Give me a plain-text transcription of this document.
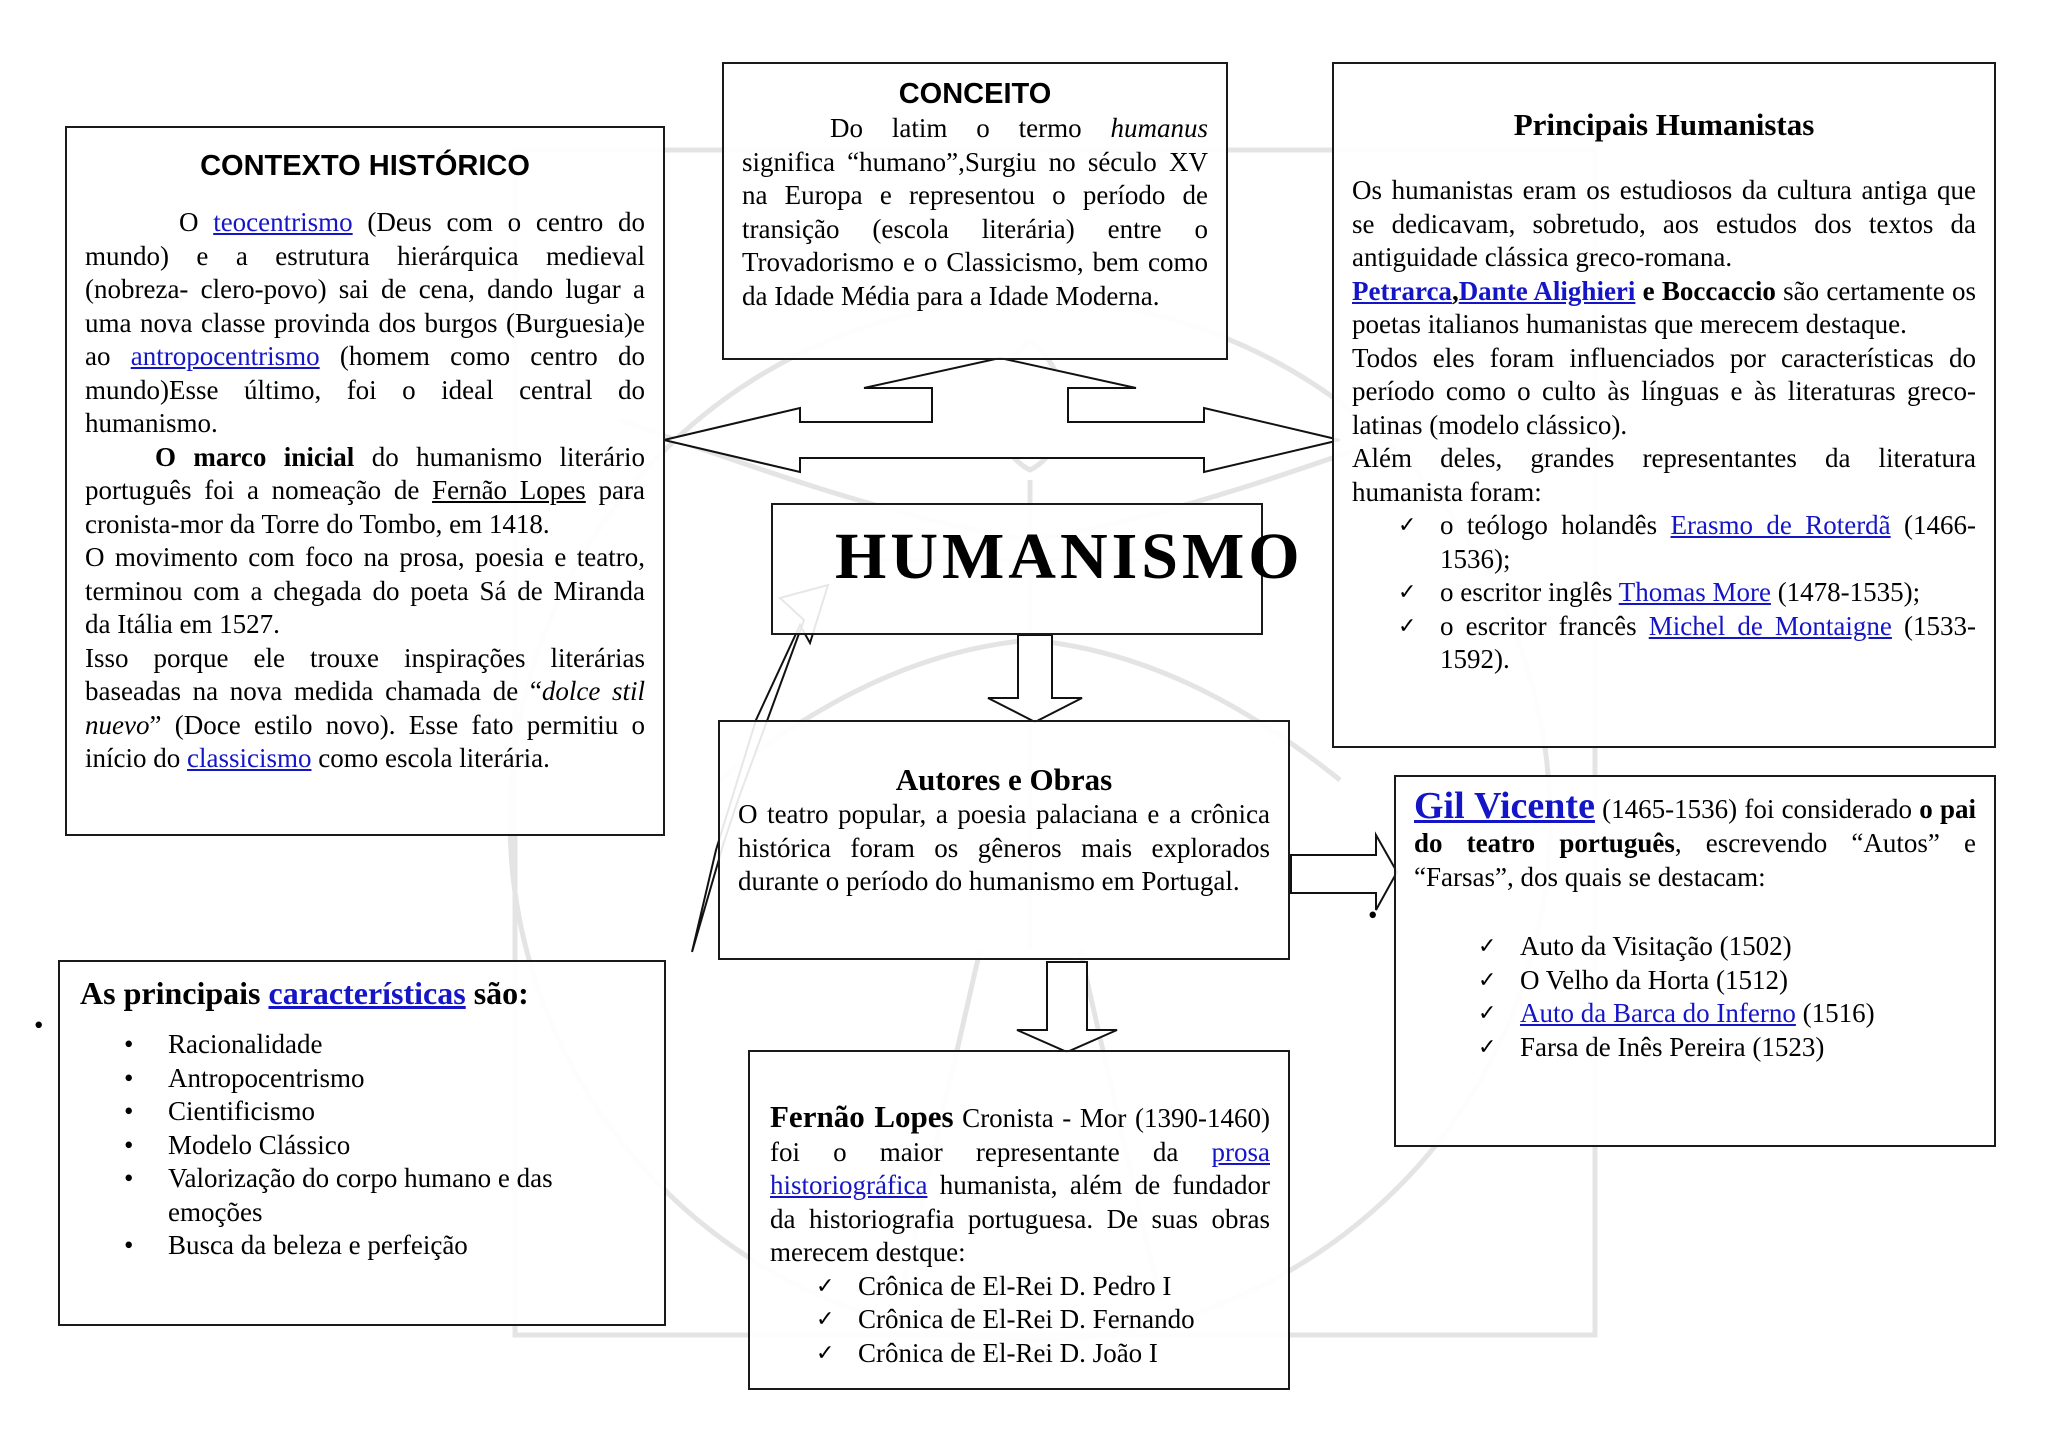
CONCEITO

Do latim o termo humanus significa “humano”,Surgiu no século XV na Europa e representou o período de transição (escola literária) entre o Trovadorismo e o Classicismo, bem como da Idade Média para a Idade Moderna.

CONTEXTO HISTÓRICO

O teocentrismo (Deus com o centro do mundo) e a estrutura hierárquica medieval (nobreza- clero-povo) sai de cena, dando lugar a uma nova classe provinda dos burgos (Burguesia)e ao antropocentrismo (homem como centro do mundo)Esse último, foi o ideal central do humanismo.

O marco inicial do humanismo literário português foi a nomeação de Fernão Lopes para cronista-mor da Torre do Tombo, em 1418.

O movimento com foco na prosa, poesia e teatro, terminou com a chegada do poeta Sá de Miranda da Itália em 1527.

Isso porque ele trouxe inspirações literárias baseadas na nova medida chamada de “dolce stil nuevo” (Doce estilo novo). Esse fato permitiu o início do classicismo como escola literária.

Principais Humanistas

Os humanistas eram os estudiosos da cultura antiga que se dedicavam, sobretudo, aos estudos dos textos da antiguidade clássica greco-romana.

Petrarca,Dante Alighieri e Boccaccio são certamente os poetas italianos humanistas que merecem destaque.

Todos eles foram influenciados por características do período como o culto às línguas e às literaturas greco-latinas (modelo clássico).

Além deles, grandes representantes da literatura humanista foram:

✓ o teólogo holandês Erasmo de Roterdã (1466-1536);
✓ o escritor inglês Thomas More (1478-1535);
✓ o escritor francês Michel de Montaigne (1533-1592).
HUMANISMO

Autores e Obras

O teatro popular, a poesia palaciana e a crônica histórica foram os gêneros mais explorados durante o período do humanismo em Portugal.

Gil Vicente (1465-1536) foi considerado o pai do teatro português, escrevendo “Autos” e “Farsas”, dos quais se destacam:

✓ Auto da Visitação (1502)
✓ O Velho da Horta (1512)
✓ Auto da Barca do Inferno (1516)
✓ Farsa de Inês Pereira (1523)
•

As principais características são:

• Racionalidade
• Antropocentrismo
• Cientificismo
• Modelo Clássico
• Valorização do corpo humano e das emoções
• Busca da beleza e perfeição
•

Fernão Lopes Cronista - Mor (1390-1460) foi o maior representante da prosa historiográfica humanista, além de fundador da historiografia portuguesa. De suas obras merecem destque:

✓ Crônica de El-Rei D. Pedro I
✓ Crônica de El-Rei D. Fernando
✓ Crônica de El-Rei D. João I
